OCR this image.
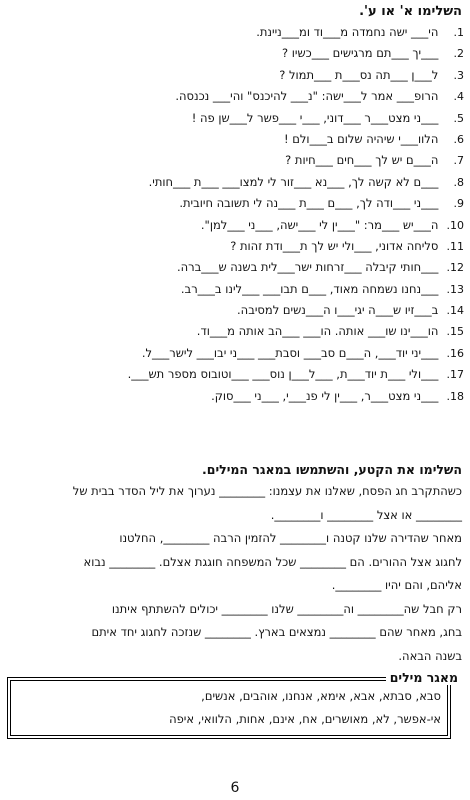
השלימו א' או ע'.
1. הי___ ישה נחמדה מ___וד ומ___ניינת.
2. ___יך ___תם מרגישים ___כשיו ?
3. ל___ן ___תה נס___ת ___תמול ?
4. הרופ___ אמר ל___ישה: "נ___ להיכנס" והי___ נכנסה.
5. ___ני מצט___ר ___דוני, ___י ___פשר ל___שן פה !
6. הלוו___י שיהיה שלום ב___ולם !
7. ה___ם יש לך ___חים ___חיות ?
8. ___ם לא קשה לך, ___נא ___זור לי למצו___ ___ת ___חותי.
9. ___ני ___ודה לך, ___ם ___ת ___נה לי תשובה חיובית.
10. ה___יש ___מר: "___ין לי ___ישה, ___ני ___למן".
11. סליחה אדוני, ___ולי יש לך ת___ודת זהות ?
12. ___חותי קיבלה ___זרחות ישר___לית בשנה ש___ברה.
13. ___נחנו נשמחה מאוד, ___ם תבו___ ___לינו ב___רב.
14. ב___זיו ש___ה יגי___ו ה___נשים למסיבה.
15. הו___ינו שו___ אותה. הו___ ___הב אותה מ___וד.
16. ___יני יוד___, ה___ם סב___ וסבת___ ___ני יבו___ לישר___ל.
17. ___ולי ___ת יוד___ת, ___ל___ן נוס___ ___וטובוס מספר תש___.
18. ___ני מצט___ר, ___ין לי פנ___י, ___ני ___סוק.
השלימו את הקטע, והשתמשו במאגר המילים.
כשהתקרב חג הפסח, שאלנו את עצמנו: ________ נערוך את ליל הסדר בבית של
________ או אצל ________ ו________.
מאחר שהדירה שלנו קטנה ו________ להזמין הרבה ________, החלטנו
לחגוג אצל ההורים. הם ________ שכל המשפחה חוגגת אצלם. ________ נבוא
אליהם, והם יהיו ________.
רק חבל שה________ וה________ שלנו ________ יכולים להשתתף איתנו
בחג, מאחר שהם ________ נמצאים בארץ. ________ שנזכה לחגוג יחד איתם
בשנה הבאה.
סבא, סבתא, אבא, אימא, אנחנו, אוהבים, אנשים,
אי-אפשר, לא, מאושרים, אח, אינם, אחות, הלוואי, איפה
מאגר מילים
6
